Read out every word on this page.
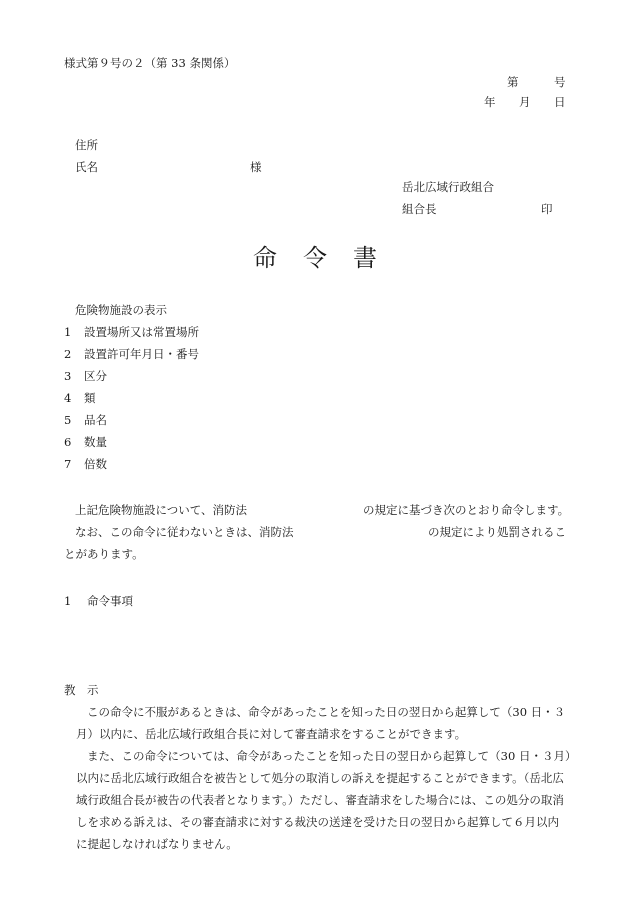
様式第９号の２（第 33 条関係）
第	号
年 月 日
住所
氏名	様
岳北広域行政組合
組合長	印
命令書
危険物施設の表示
1 設置場所又は常置場所
2 設置許可年月日・番号
3 区分
4 類
5 品名
6 数量
7 倍数
上記危険物施設について、消防法	の規定に基づき次のとおり命令します。
なお、この命令に従わないときは、消防法	の規定により処罰されるこ
とがあります。
1 命令事項
教　示
この命令に不服があるときは、命令があったことを知った日の翌日から起算して（30 日・３
月）以内に、岳北広域行政組合長に対して審査請求をすることができます。
また、この命令については、命令があったことを知った日の翌日から起算して（30 日・３月）
以内に岳北広域行政組合を被告として処分の取消しの訴えを提起することができます。（岳北広
域行政組合長が被告の代表者となります。）ただし、審査請求をした場合には、この処分の取消
しを求める訴えは、その審査請求に対する裁決の送達を受けた日の翌日から起算して６月以内
に提起しなければなりません。
